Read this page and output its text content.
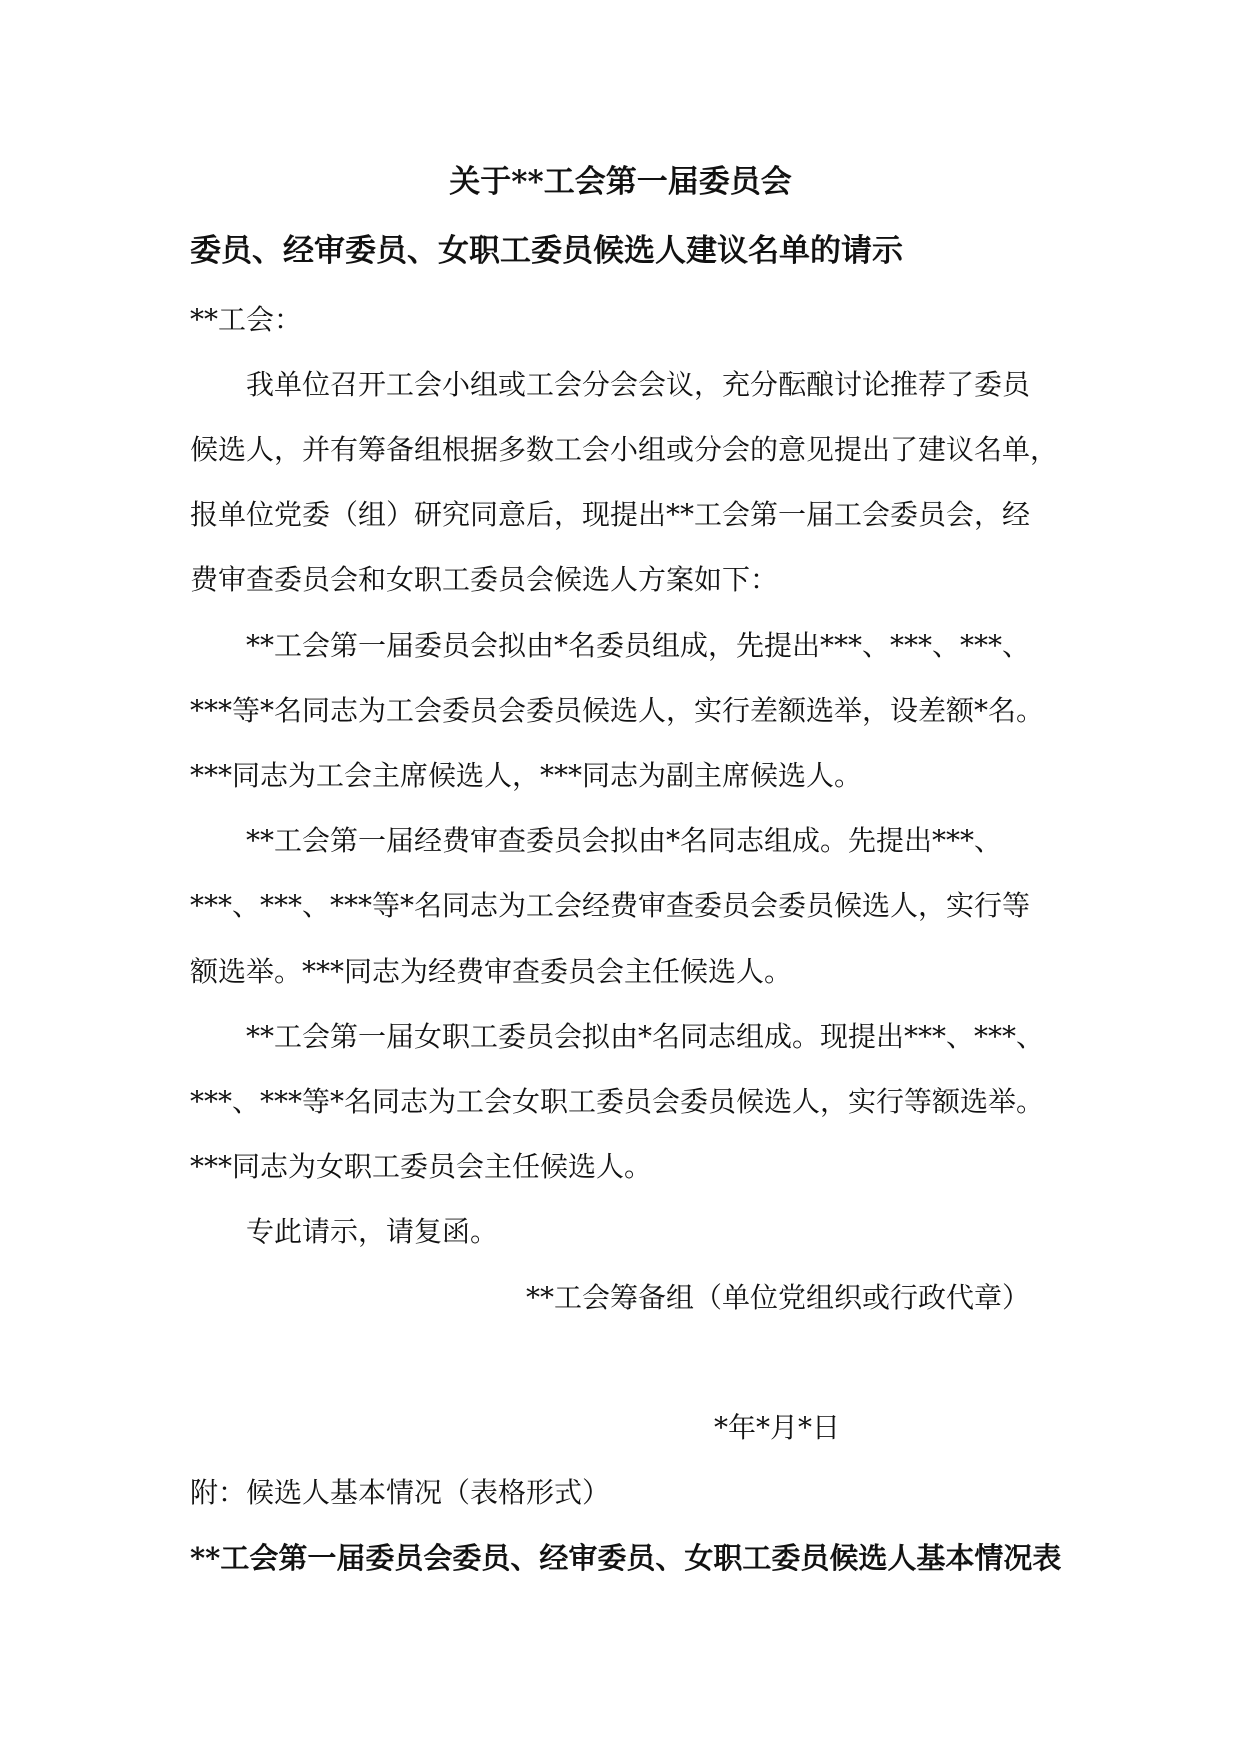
关于**工会第一届委员会
委员、经审委员、女职工委员候选人建议名单的请示
**工会：
我单位召开工会小组或工会分会会议，充分酝酿讨论推荐了委员
候选人，并有筹备组根据多数工会小组或分会的意见提出了建议名单，
报单位党委（组）研究同意后，现提出**工会第一届工会委员会，经
费审查委员会和女职工委员会候选人方案如下：
**工会第一届委员会拟由*名委员组成，先提出***、***、***、
***等*名同志为工会委员会委员候选人，实行差额选举，设差额*名。
***同志为工会主席候选人，***同志为副主席候选人。
**工会第一届经费审查委员会拟由*名同志组成。先提出***、
***、***、***等*名同志为工会经费审查委员会委员候选人，实行等
额选举。***同志为经费审查委员会主任候选人。
**工会第一届女职工委员会拟由*名同志组成。现提出***、***、
***、***等*名同志为工会女职工委员会委员候选人，实行等额选举。
***同志为女职工委员会主任候选人。
专此请示，请复函。
**工会筹备组（单位党组织或行政代章）
*年*月*日
附：候选人基本情况（表格形式）
**工会第一届委员会委员、经审委员、女职工委员候选人基本情况表
